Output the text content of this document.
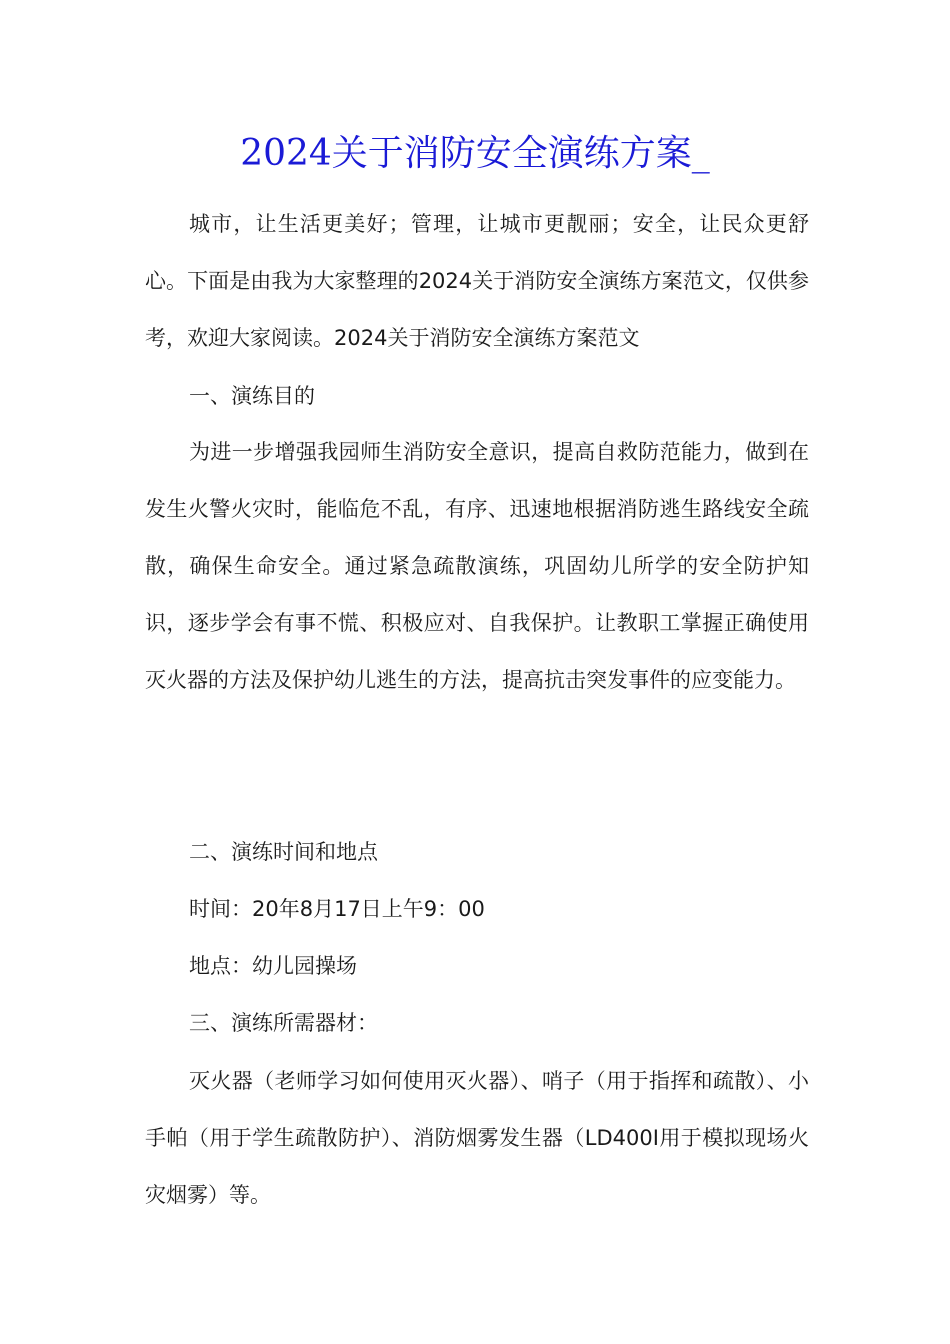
2024关于消防安全演练方案_

城市，让生活更美好；管理，让城市更靓丽；安全，让民众更舒心。下面是由我为大家整理的2024关于消防安全演练方案范文，仅供参考，欢迎大家阅读。2024关于消防安全演练方案范文

一、演练目的

为进一步增强我园师生消防安全意识，提高自救防范能力，做到在发生火警火灾时，能临危不乱，有序、迅速地根据消防逃生路线安全疏散，确保生命安全。通过紧急疏散演练，巩固幼儿所学的安全防护知识，逐步学会有事不慌、积极应对、自我保护。让教职工掌握正确使用灭火器的方法及保护幼儿逃生的方法，提高抗击突发事件的应变能力。

二、演练时间和地点

时间：20年8月17日上午9：00

地点：幼儿园操场

三、演练所需器材：

灭火器（老师学习如何使用灭火器）、哨子（用于指挥和疏散）、小手帕（用于学生疏散防护）、消防烟雾发生器（LD400I用于模拟现场火灾烟雾）等。
